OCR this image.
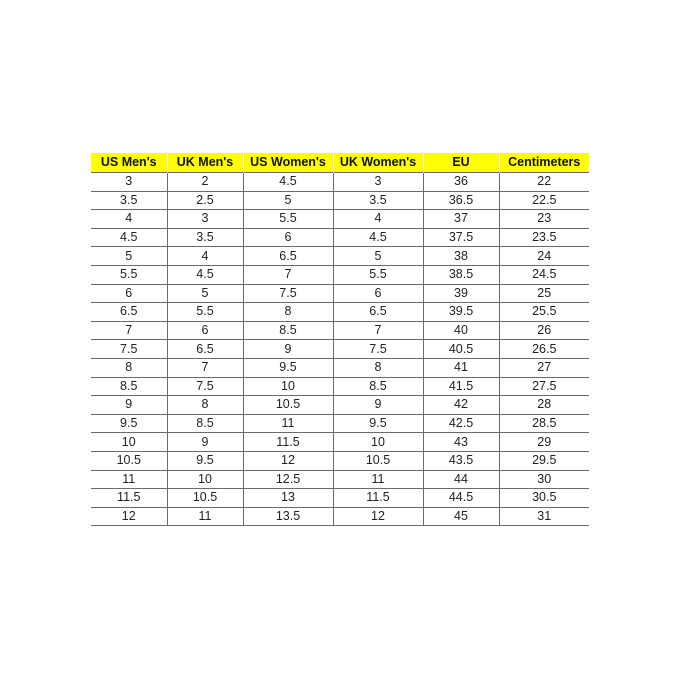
US Men's	UK Men's	US Women's	UK Women's	EU	Centimeters
3	2	4.5	3	36	22
3.5	2.5	5	3.5	36.5	22.5
4	3	5.5	4	37	23
4.5	3.5	6	4.5	37.5	23.5
5	4	6.5	5	38	24
5.5	4.5	7	5.5	38.5	24.5
6	5	7.5	6	39	25
6.5	5.5	8	6.5	39.5	25.5
7	6	8.5	7	40	26
7.5	6.5	9	7.5	40.5	26.5
8	7	9.5	8	41	27
8.5	7.5	10	8.5	41.5	27.5
9	8	10.5	9	42	28
9.5	8.5	11	9.5	42.5	28.5
10	9	11.5	10	43	29
10.5	9.5	12	10.5	43.5	29.5
11	10	12.5	11	44	30
11.5	10.5	13	11.5	44.5	30.5
12	11	13.5	12	45	31
